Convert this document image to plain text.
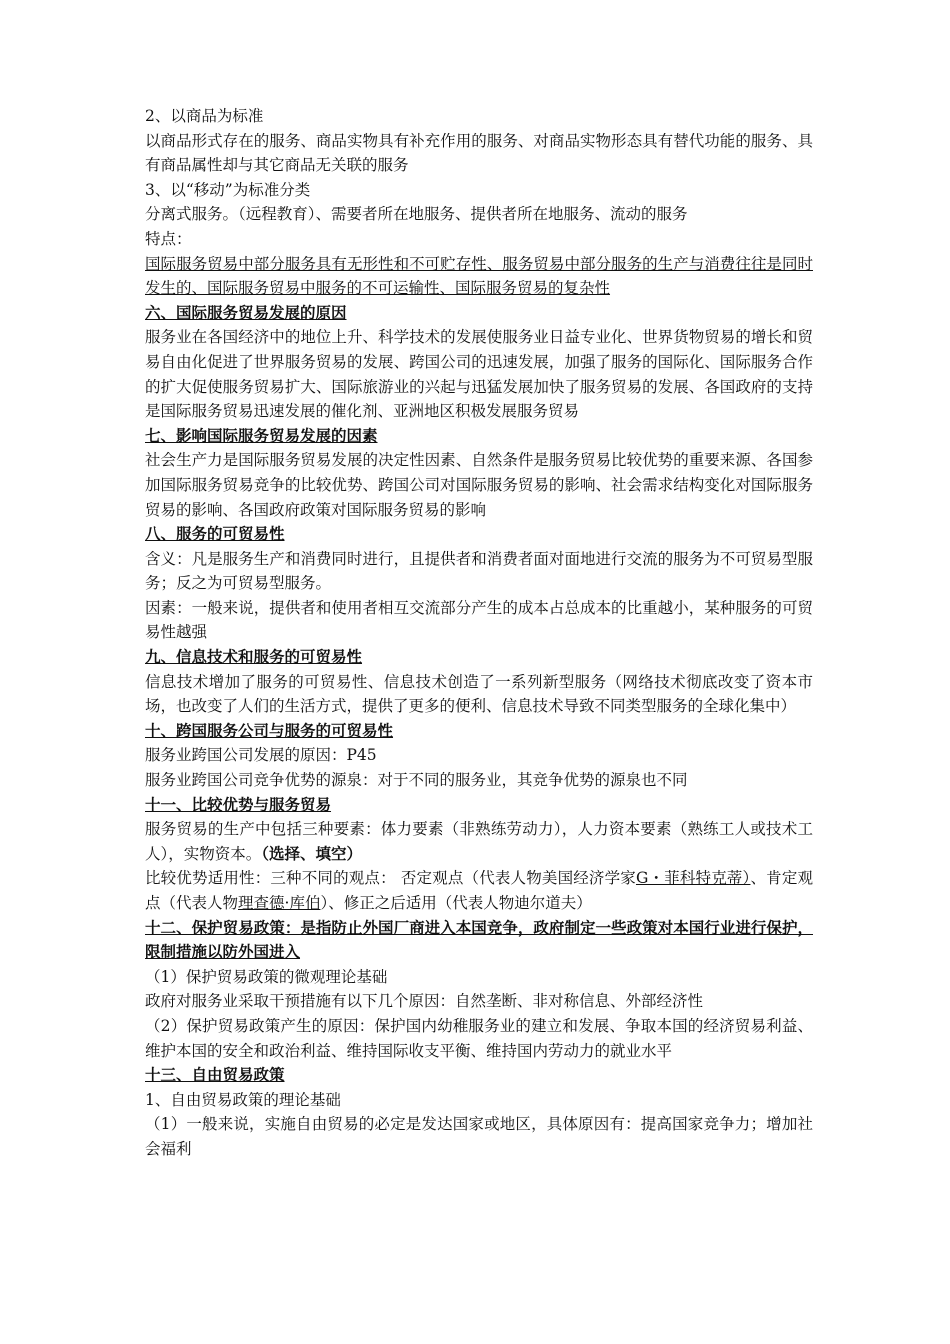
2、以商品为标准

以商品形式存在的服务、商品实物具有补充作用的服务、对商品实物形态具有替代功能的服务、具有商品属性却与其它商品无关联的服务

3、以“移动”为标准分类

分离式服务。（远程教育）、需要者所在地服务、提供者所在地服务、流动的服务

特点：

国际服务贸易中部分服务具有无形性和不可贮存性、服务贸易中部分服务的生产与消费往往是同时发生的、国际服务贸易中服务的不可运输性、国际服务贸易的复杂性

六、国际服务贸易发展的原因

服务业在各国经济中的地位上升、科学技术的发展使服务业日益专业化、世界货物贸易的增长和贸易自由化促进了世界服务贸易的发展、跨国公司的迅速发展，加强了服务的国际化、国际服务合作的扩大促使服务贸易扩大、国际旅游业的兴起与迅猛发展加快了服务贸易的发展、各国政府的支持是国际服务贸易迅速发展的催化剂、亚洲地区积极发展服务贸易

七、影响国际服务贸易发展的因素

社会生产力是国际服务贸易发展的决定性因素、自然条件是服务贸易比较优势的重要来源、各国参加国际服务贸易竞争的比较优势、跨国公司对国际服务贸易的影响、社会需求结构变化对国际服务贸易的影响、各国政府政策对国际服务贸易的影响

八、服务的可贸易性

含义：凡是服务生产和消费同时进行，且提供者和消费者面对面地进行交流的服务为不可贸易型服务；反之为可贸易型服务。

因素：一般来说，提供者和使用者相互交流部分产生的成本占总成本的比重越小，某种服务的可贸易性越强

九、信息技术和服务的可贸易性

信息技术增加了服务的可贸易性、信息技术创造了一系列新型服务（网络技术彻底改变了资本市场，也改变了人们的生活方式，提供了更多的便利、信息技术导致不同类型服务的全球化集中）

十、跨国服务公司与服务的可贸易性

服务业跨国公司发展的原因：P45

服务业跨国公司竞争优势的源泉：对于不同的服务业，其竞争优势的源泉也不同

十一、比较优势与服务贸易

服务贸易的生产中包括三种要素：体力要素（非熟练劳动力），人力资本要素（熟练工人或技术工人），实物资本。（选择、填空）

比较优势适用性：三种不同的观点： 否定观点（代表人物美国经济学家G・菲科特克蒂）、肯定观点（代表人物理查德·库伯）、修正之后适用（代表人物迪尔道夫）

十二、保护贸易政策：是指防止外国厂商进入本国竞争，政府制定一些政策对本国行业进行保护，限制措施以防外国进入

（1）保护贸易政策的微观理论基础

政府对服务业采取干预措施有以下几个原因：自然垄断、非对称信息、外部经济性

（2）保护贸易政策产生的原因：保护国内幼稚服务业的建立和发展、争取本国的经济贸易利益、维护本国的安全和政治利益、维持国际收支平衡、维持国内劳动力的就业水平

十三、自由贸易政策

1、自由贸易政策的理论基础

（1）一般来说，实施自由贸易的必定是发达国家或地区，具体原因有：提高国家竞争力；增加社会福利
